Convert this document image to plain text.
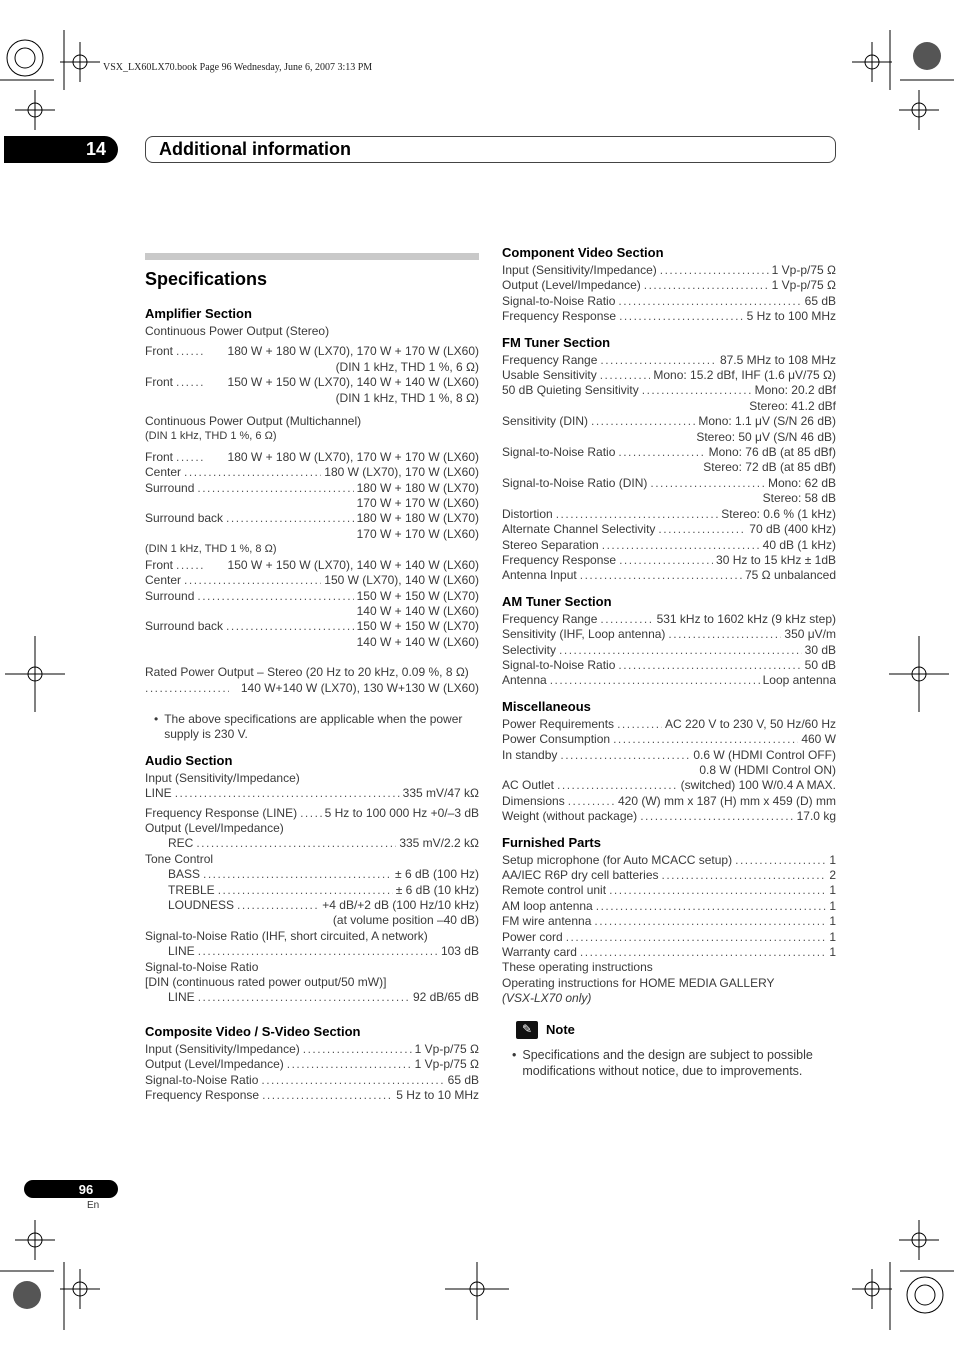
VSX_LX60LX70.book Page 96 Wednesday, June 6, 2007 3:13 PM
14	Additional information
Specifications
Amplifier Section
Continuous Power Output (Stereo)
Front .....	180 W + 180 W (LX70), 170 W + 170 W (LX60)
(DIN 1 kHz, THD 1 %, 6 Ω)
Front .....	150 W + 150 W (LX70), 140 W + 140 W (LX60)
(DIN 1 kHz, THD 1 %, 8 Ω)
Continuous Power Output (Multichannel)
(DIN 1 kHz, THD 1 %, 6 Ω)
Front .....	180 W + 180 W (LX70), 170 W + 170 W (LX60)
Center .....	180 W (LX70), 170 W (LX60)
Surround .....	180 W + 180 W (LX70)
170 W + 170 W (LX60)
Surround back .....	180 W + 180 W (LX70)
170 W + 170 W (LX60)
(DIN 1 kHz, THD 1 %, 8 Ω)
Front .....	150 W + 150 W (LX70), 140 W + 140 W (LX60)
Center .....	150 W (LX70), 140 W (LX60)
Surround .....	150 W + 150 W (LX70)
140 W + 140 W (LX60)
Surround back .....	150 W + 150 W (LX70)
140 W + 140 W (LX60)
Rated Power Output – Stereo (20 Hz to 20 kHz, 0.09 %, 8 Ω)
.....
140 W+140 W (LX70), 130 W+130 W (LX60)
• The above specifications are applicable when the power supply is 230 V.
Audio Section
Input (Sensitivity/Impedance)
LINE .....	335 mV/47 kΩ
Frequency Response (LINE) ..... 5 Hz to 100 000 Hz +0/–3 dB
Output (Level/Impedance)
REC .....	335 mV/2.2 kΩ
Tone Control
BASS .....	± 6 dB (100 Hz)
TREBLE .....	± 6 dB (10 kHz)
LOUDNESS .....	+4 dB/+2 dB (100 Hz/10 kHz)
(at volume position –40 dB)
Signal-to-Noise Ratio (IHF, short circuited, A network)
LINE .....	103 dB
Signal-to-Noise Ratio
[DIN (continuous rated power output/50 mW)]
LINE .....	92 dB/65 dB
Composite Video / S-Video Section
Input (Sensitivity/Impedance) .....	1 Vp-p/75 Ω
Output (Level/Impedance) .....	1 Vp-p/75 Ω
Signal-to-Noise Ratio .....	65 dB
Frequency Response .....	5 Hz to 10 MHz
Component Video Section
Input (Sensitivity/Impedance) .....	1 Vp-p/75 Ω
Output (Level/Impedance) .....	1 Vp-p/75 Ω
Signal-to-Noise Ratio .....	65 dB
Frequency Response .....	5 Hz to 100 MHz
FM Tuner Section
Frequency Range .....	87.5 MHz to 108 MHz
Usable Sensitivity .....	Mono: 15.2 dBf, IHF (1.6 μV/75 Ω)
50 dB Quieting Sensitivity .....	Mono: 20.2 dBf
Stereo: 41.2 dBf
Sensitivity (DIN) .....	Mono: 1.1 μV (S/N 26 dB)
Stereo: 50 μV (S/N 46 dB)
Signal-to-Noise Ratio .....	Mono: 76 dB (at 85 dBf)
Stereo: 72 dB (at 85 dBf)
Signal-to-Noise Ratio (DIN) .....	Mono: 62 dB
Stereo: 58 dB
Distortion .....	Stereo: 0.6 % (1 kHz)
Alternate Channel Selectivity .....	70 dB (400 kHz)
Stereo Separation .....	40 dB (1 kHz)
Frequency Response .....	30 Hz to 15 kHz ± 1dB
Antenna Input .....	75 Ω unbalanced
AM Tuner Section
Frequency Range .....	531 kHz to 1602 kHz (9 kHz step)
Sensitivity (IHF, Loop antenna) .....	350 μV/m
Selectivity .....	30 dB
Signal-to-Noise Ratio .....	50 dB
Antenna .....	Loop antenna
Miscellaneous
Power Requirements .....	AC 220 V to 230 V, 50 Hz/60 Hz
Power Consumption .....	460 W
In standby .....	0.6 W (HDMI Control OFF)
0.8 W (HDMI Control ON)
AC Outlet .....	(switched) 100 W/0.4 A MAX.
Dimensions .....	420 (W) mm x 187 (H) mm x 459 (D) mm
Weight (without package) .....	17.0 kg
Furnished Parts
Setup microphone (for Auto MCACC setup) .....	1
AA/IEC R6P dry cell batteries .....	2
Remote control unit .....	1
AM loop antenna .....	1
FM wire antenna .....	1
Power cord .....	1
Warranty card .....	1
These operating instructions
Operating instructions for HOME MEDIA GALLERY
(VSX-LX70 only)
✎	Note
• Specifications and the design are subject to possible modifications without notice, due to improvements.
96
En
